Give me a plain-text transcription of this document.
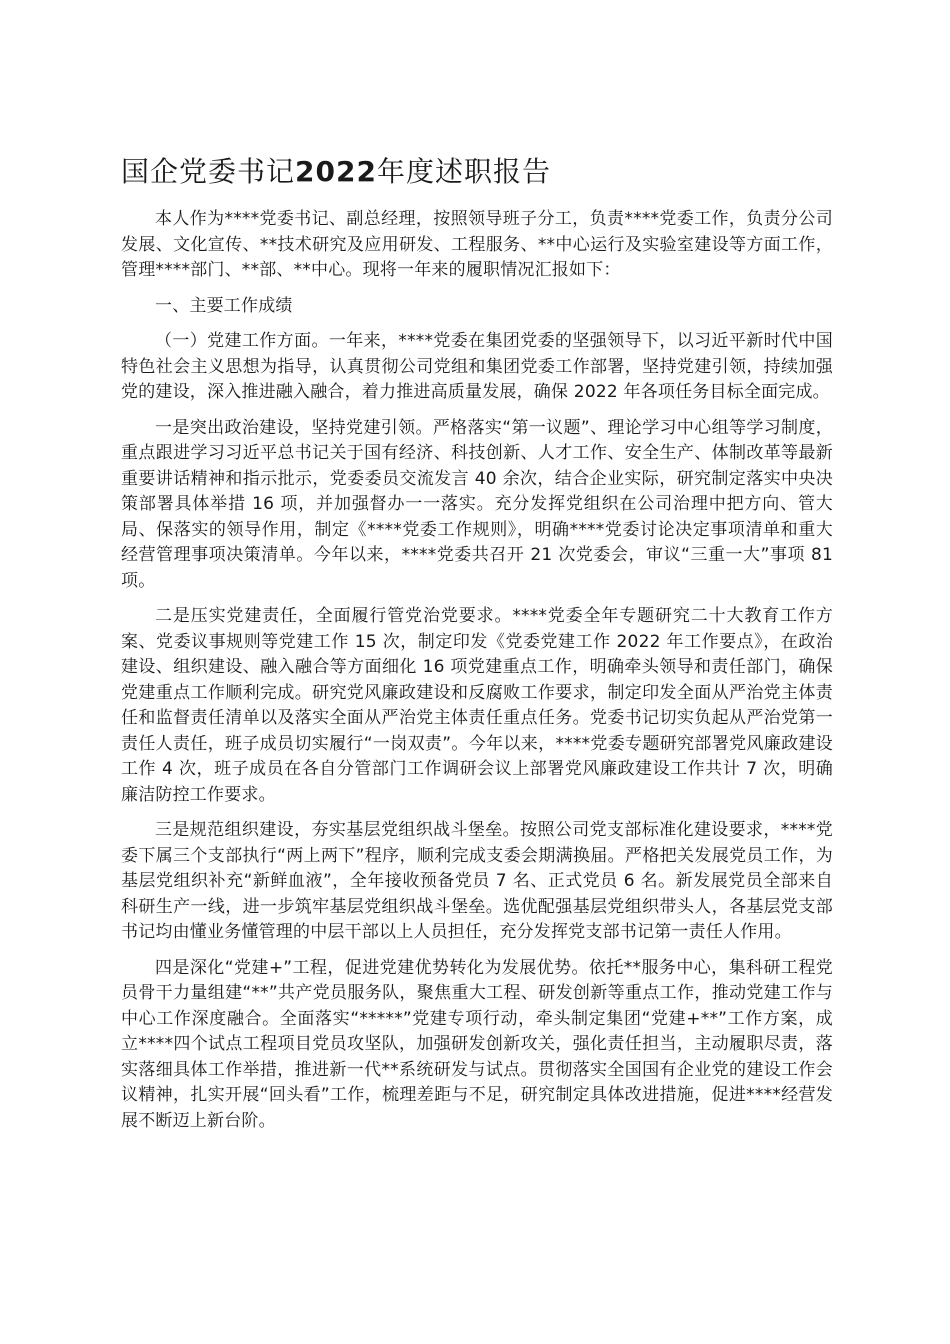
国企党委书记2022年度述职报告

本人作为****党委书记、副总经理，按照领导班子分工，负责****党委工作，负责分公司发展、文化宣传、**技术研究及应用研发、工程服务、**中心运行及实验室建设等方面工作，管理****部门、**部、**中心。现将一年来的履职情况汇报如下：

一、主要工作成绩

（一）党建工作方面。一年来，****党委在集团党委的坚强领导下，以习近平新时代中国特色社会主义思想为指导，认真贯彻公司党组和集团党委工作部署，坚持党建引领，持续加强党的建设，深入推进融入融合，着力推进高质量发展，确保 2022 年各项任务目标全面完成。

一是突出政治建设，坚持党建引领。严格落实“第一议题”、理论学习中心组等学习制度，重点跟进学习习近平总书记关于国有经济、科技创新、人才工作、安全生产、体制改革等最新重要讲话精神和指示批示，党委委员交流发言 40 余次，结合企业实际，研究制定落实中央决策部署具体举措 16 项，并加强督办一一落实。充分发挥党组织在公司治理中把方向、管大局、保落实的领导作用，制定《****党委工作规则》，明确****党委讨论决定事项清单和重大经营管理事项决策清单。今年以来，****党委共召开 21 次党委会，审议“三重一大”事项 81 项。

二是压实党建责任，全面履行管党治党要求。****党委全年专题研究二十大教育工作方案、党委议事规则等党建工作 15 次，制定印发《党委党建工作 2022 年工作要点》，在政治建设、组织建设、融入融合等方面细化 16 项党建重点工作，明确牵头领导和责任部门，确保党建重点工作顺利完成。研究党风廉政建设和反腐败工作要求，制定印发全面从严治党主体责任和监督责任清单以及落实全面从严治党主体责任重点任务。党委书记切实负起从严治党第一责任人责任，班子成员切实履行“一岗双责”。今年以来，****党委专题研究部署党风廉政建设工作 4 次，班子成员在各自分管部门工作调研会议上部署党风廉政建设工作共计 7 次，明确廉洁防控工作要求。

三是规范组织建设，夯实基层党组织战斗堡垒。按照公司党支部标准化建设要求，****党委下属三个支部执行“两上两下”程序，顺利完成支委会期满换届。严格把关发展党员工作，为基层党组织补充“新鲜血液”，全年接收预备党员 7 名、正式党员 6 名。新发展党员全部来自科研生产一线，进一步筑牢基层党组织战斗堡垒。选优配强基层党组织带头人，各基层党支部书记均由懂业务懂管理的中层干部以上人员担任，充分发挥党支部书记第一责任人作用。

四是深化“党建+”工程，促进党建优势转化为发展优势。依托**服务中心，集科研工程党员骨干力量组建“**”共产党员服务队，聚焦重大工程、研发创新等重点工作，推动党建工作与中心工作深度融合。全面落实“*****”党建专项行动，牵头制定集团“党建+**”工作方案，成立****四个试点工程项目党员攻坚队，加强研发创新攻关，强化责任担当，主动履职尽责，落实落细具体工作举措，推进新一代**系统研发与试点。贯彻落实全国国有企业党的建设工作会议精神，扎实开展“回头看”工作，梳理差距与不足，研究制定具体改进措施，促进****经营发展不断迈上新台阶。
